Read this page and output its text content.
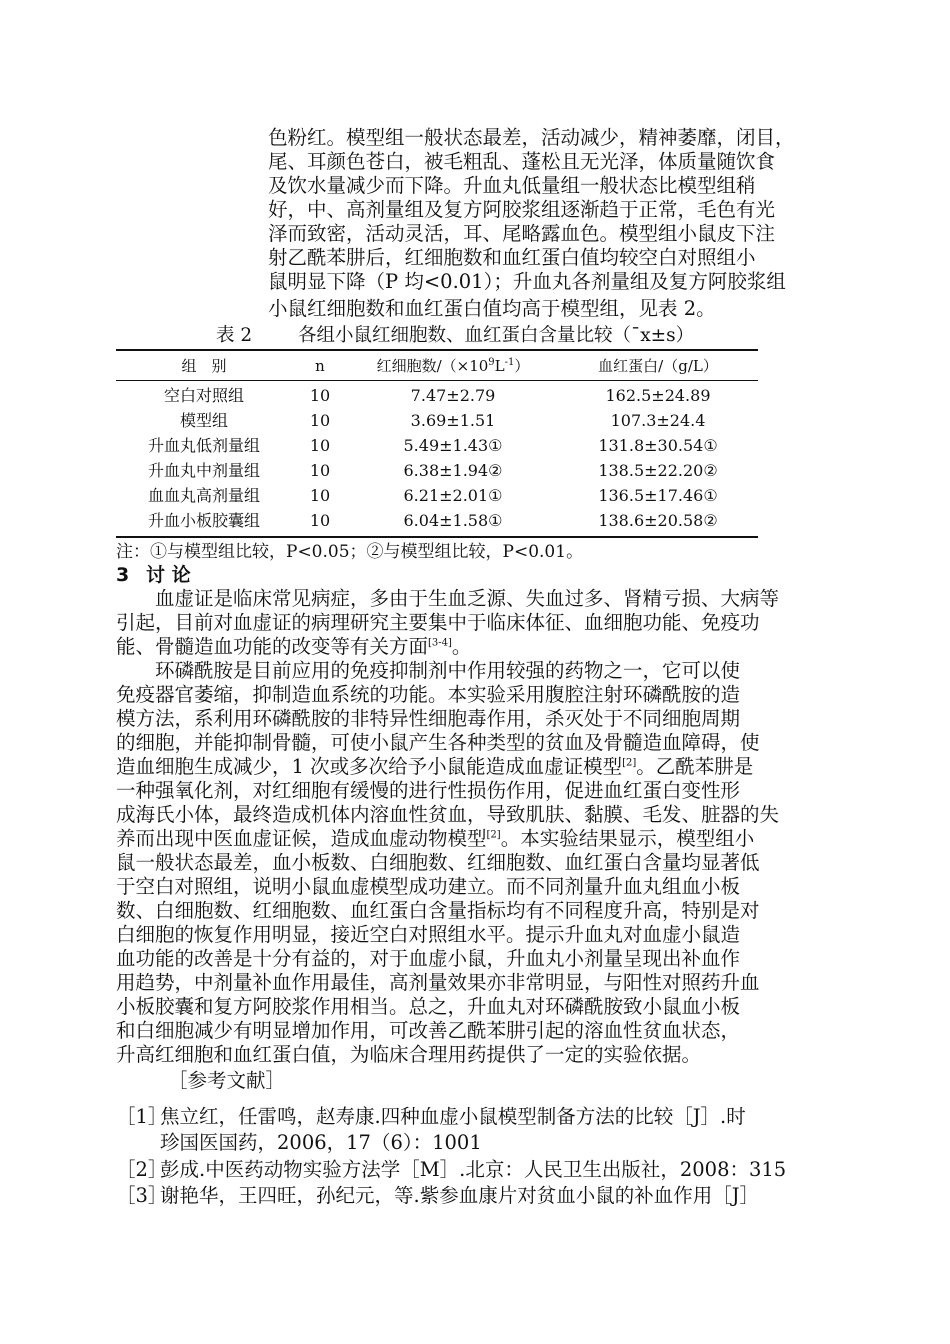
色粉红。模型组一般状态最差，活动减少，精神萎靡，闭目，
尾、耳颜色苍白，被毛粗乱、蓬松且无光泽，体质量随饮食
及饮水量减少而下降。升血丸低量组一般状态比模型组稍
好，中、高剂量组及复方阿胶浆组逐渐趋于正常，毛色有光
泽而致密，活动灵活，耳、尾略露血色。模型组小鼠皮下注
射乙酰苯肼后，红细胞数和血红蛋白值均较空白对照组小
鼠明显下降（P 均<0.01）；升血丸各剂量组及复方阿胶浆组
小鼠红细胞数和血红蛋白值均高于模型组，见表 2。
表 2 各组小鼠红细胞数、血红蛋白含量比较（¯x±s）
组　别	n	红细胞数$/(\times 10^9L^{-1})$	血红蛋白/（g/L）
空白对照组	10	7.47±2.79	162.5±24.89
模型组	10	3.69±1.51	107.3±24.4
升血丸低剂量组	10	5.49±1.43①	131.8±30.54①
升血丸中剂量组	10	6.38±1.94②	138.5±22.20②
血血丸高剂量组	10	6.21±2.01①	136.5±17.46①
升血小板胶囊组	10	6.04±1.58①	138.6±20.58②
注：①与模型组比较，P<0.05；②与模型组比较，P<0.01。
3 讨 论
　　血虚证是临床常见病症，多由于生血乏源、失血过多、肾精亏损、大病等
引起，目前对血虚证的病理研究主要集中于临床体征、血细胞功能、免疫功
能、骨髓造血功能的改变等有关方面[3-4]。
　　环磷酰胺是目前应用的免疫抑制剂中作用较强的药物之一，它可以使
免疫器官萎缩，抑制造血系统的功能。本实验采用腹腔注射环磷酰胺的造
模方法，系利用环磷酰胺的非特异性细胞毒作用，杀灭处于不同细胞周期
的细胞，并能抑制骨髓，可使小鼠产生各种类型的贫血及骨髓造血障碍，使
造血细胞生成减少，1 次或多次给予小鼠能造成血虚证模型[2]。乙酰苯肼是
一种强氧化剂，对红细胞有缓慢的进行性损伤作用，促进血红蛋白变性形
成海氏小体，最终造成机体内溶血性贫血，导致肌肤、黏膜、毛发、脏器的失
养而出现中医血虚证候，造成血虚动物模型[2]。本实验结果显示，模型组小
鼠一般状态最差，血小板数、白细胞数、红细胞数、血红蛋白含量均显著低
于空白对照组，说明小鼠血虚模型成功建立。而不同剂量升血丸组血小板
数、白细胞数、红细胞数、血红蛋白含量指标均有不同程度升高，特别是对
白细胞的恢复作用明显，接近空白对照组水平。提示升血丸对血虚小鼠造
血功能的改善是十分有益的，对于血虚小鼠，升血丸小剂量呈现出补血作
用趋势，中剂量补血作用最佳，高剂量效果亦非常明显，与阳性对照药升血
小板胶囊和复方阿胶浆作用相当。总之，升血丸对环磷酰胺致小鼠血小板
和白细胞减少有明显增加作用，可改善乙酰苯肼引起的溶血性贫血状态，
升高红细胞和血红蛋白值，为临床合理用药提供了一定的实验依据。
［参考文献］
［1］焦立红，任雷鸣，赵寿康.四种血虚小鼠模型制备方法的比较［J］.时
珍国医国药，2006，17（6）：1001
［2］彭成.中医药动物实验方法学［M］.北京：人民卫生出版社，2008：315
［3］谢艳华，王四旺，孙纪元，等.紫参血康片对贫血小鼠的补血作用［J］
